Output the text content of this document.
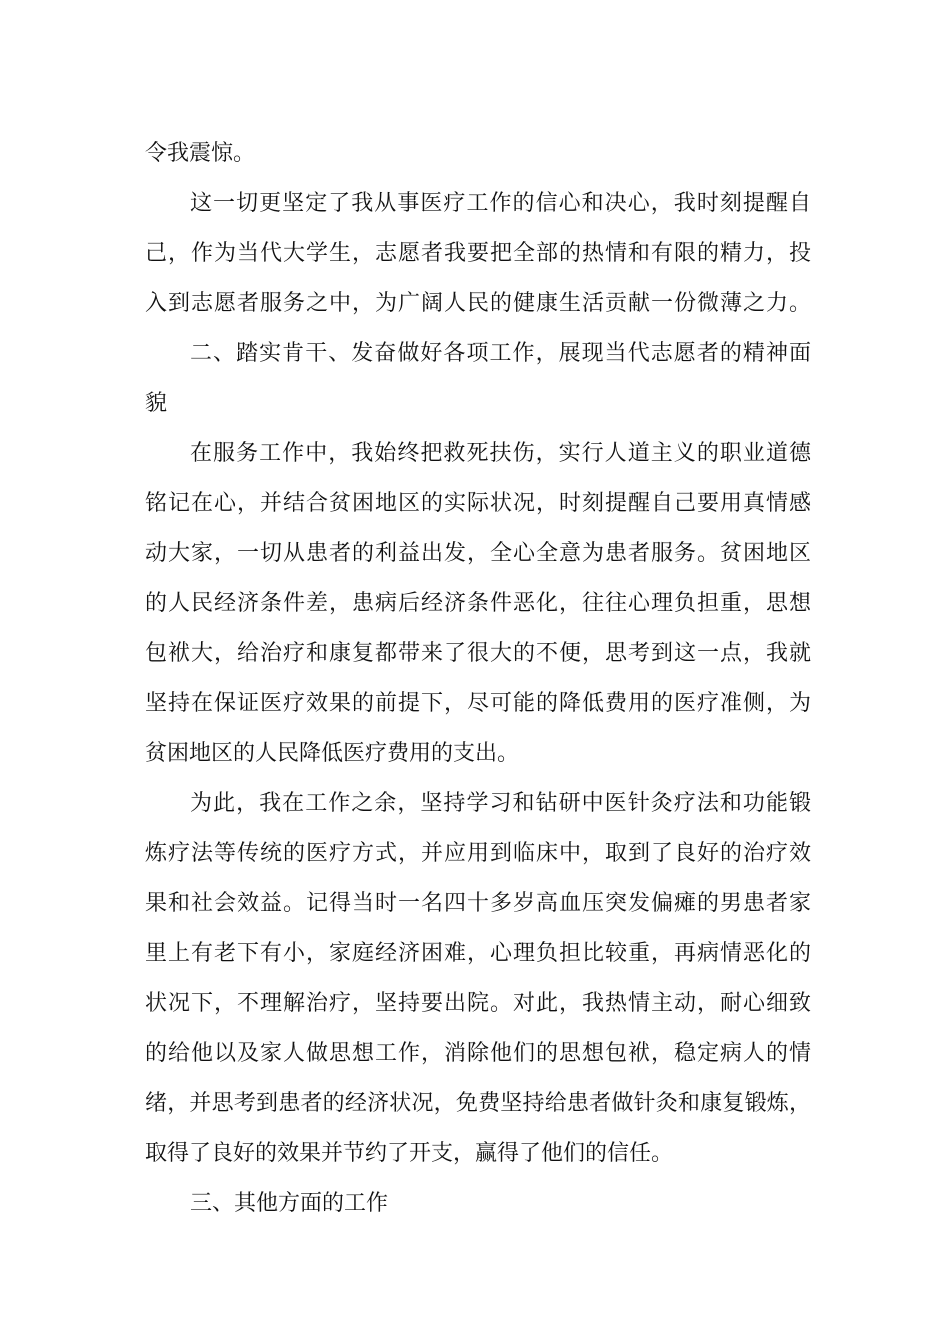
令我震惊。
这一切更坚定了我从事医疗工作的信心和决心，我时刻提醒自
己，作为当代大学生，志愿者我要把全部的热情和有限的精力，投
入到志愿者服务之中，为广阔人民的健康生活贡献一份微薄之力。
二、踏实肯干、发奋做好各项工作，展现当代志愿者的精神面
貌
在服务工作中，我始终把救死扶伤，实行人道主义的职业道德
铭记在心，并结合贫困地区的实际状况，时刻提醒自己要用真情感
动大家，一切从患者的利益出发，全心全意为患者服务。贫困地区
的人民经济条件差，患病后经济条件恶化，往往心理负担重，思想
包袱大，给治疗和康复都带来了很大的不便，思考到这一点，我就
坚持在保证医疗效果的前提下，尽可能的降低费用的医疗准侧，为
贫困地区的人民降低医疗费用的支出。
为此，我在工作之余，坚持学习和钻研中医针灸疗法和功能锻
炼疗法等传统的医疗方式，并应用到临床中，取到了良好的治疗效
果和社会效益。记得当时一名四十多岁高血压突发偏瘫的男患者家
里上有老下有小，家庭经济困难，心理负担比较重，再病情恶化的
状况下，不理解治疗，坚持要出院。对此，我热情主动，耐心细致
的给他以及家人做思想工作，消除他们的思想包袱，稳定病人的情
绪，并思考到患者的经济状况，免费坚持给患者做针灸和康复锻炼，
取得了良好的效果并节约了开支，赢得了他们的信任。
三、其他方面的工作
